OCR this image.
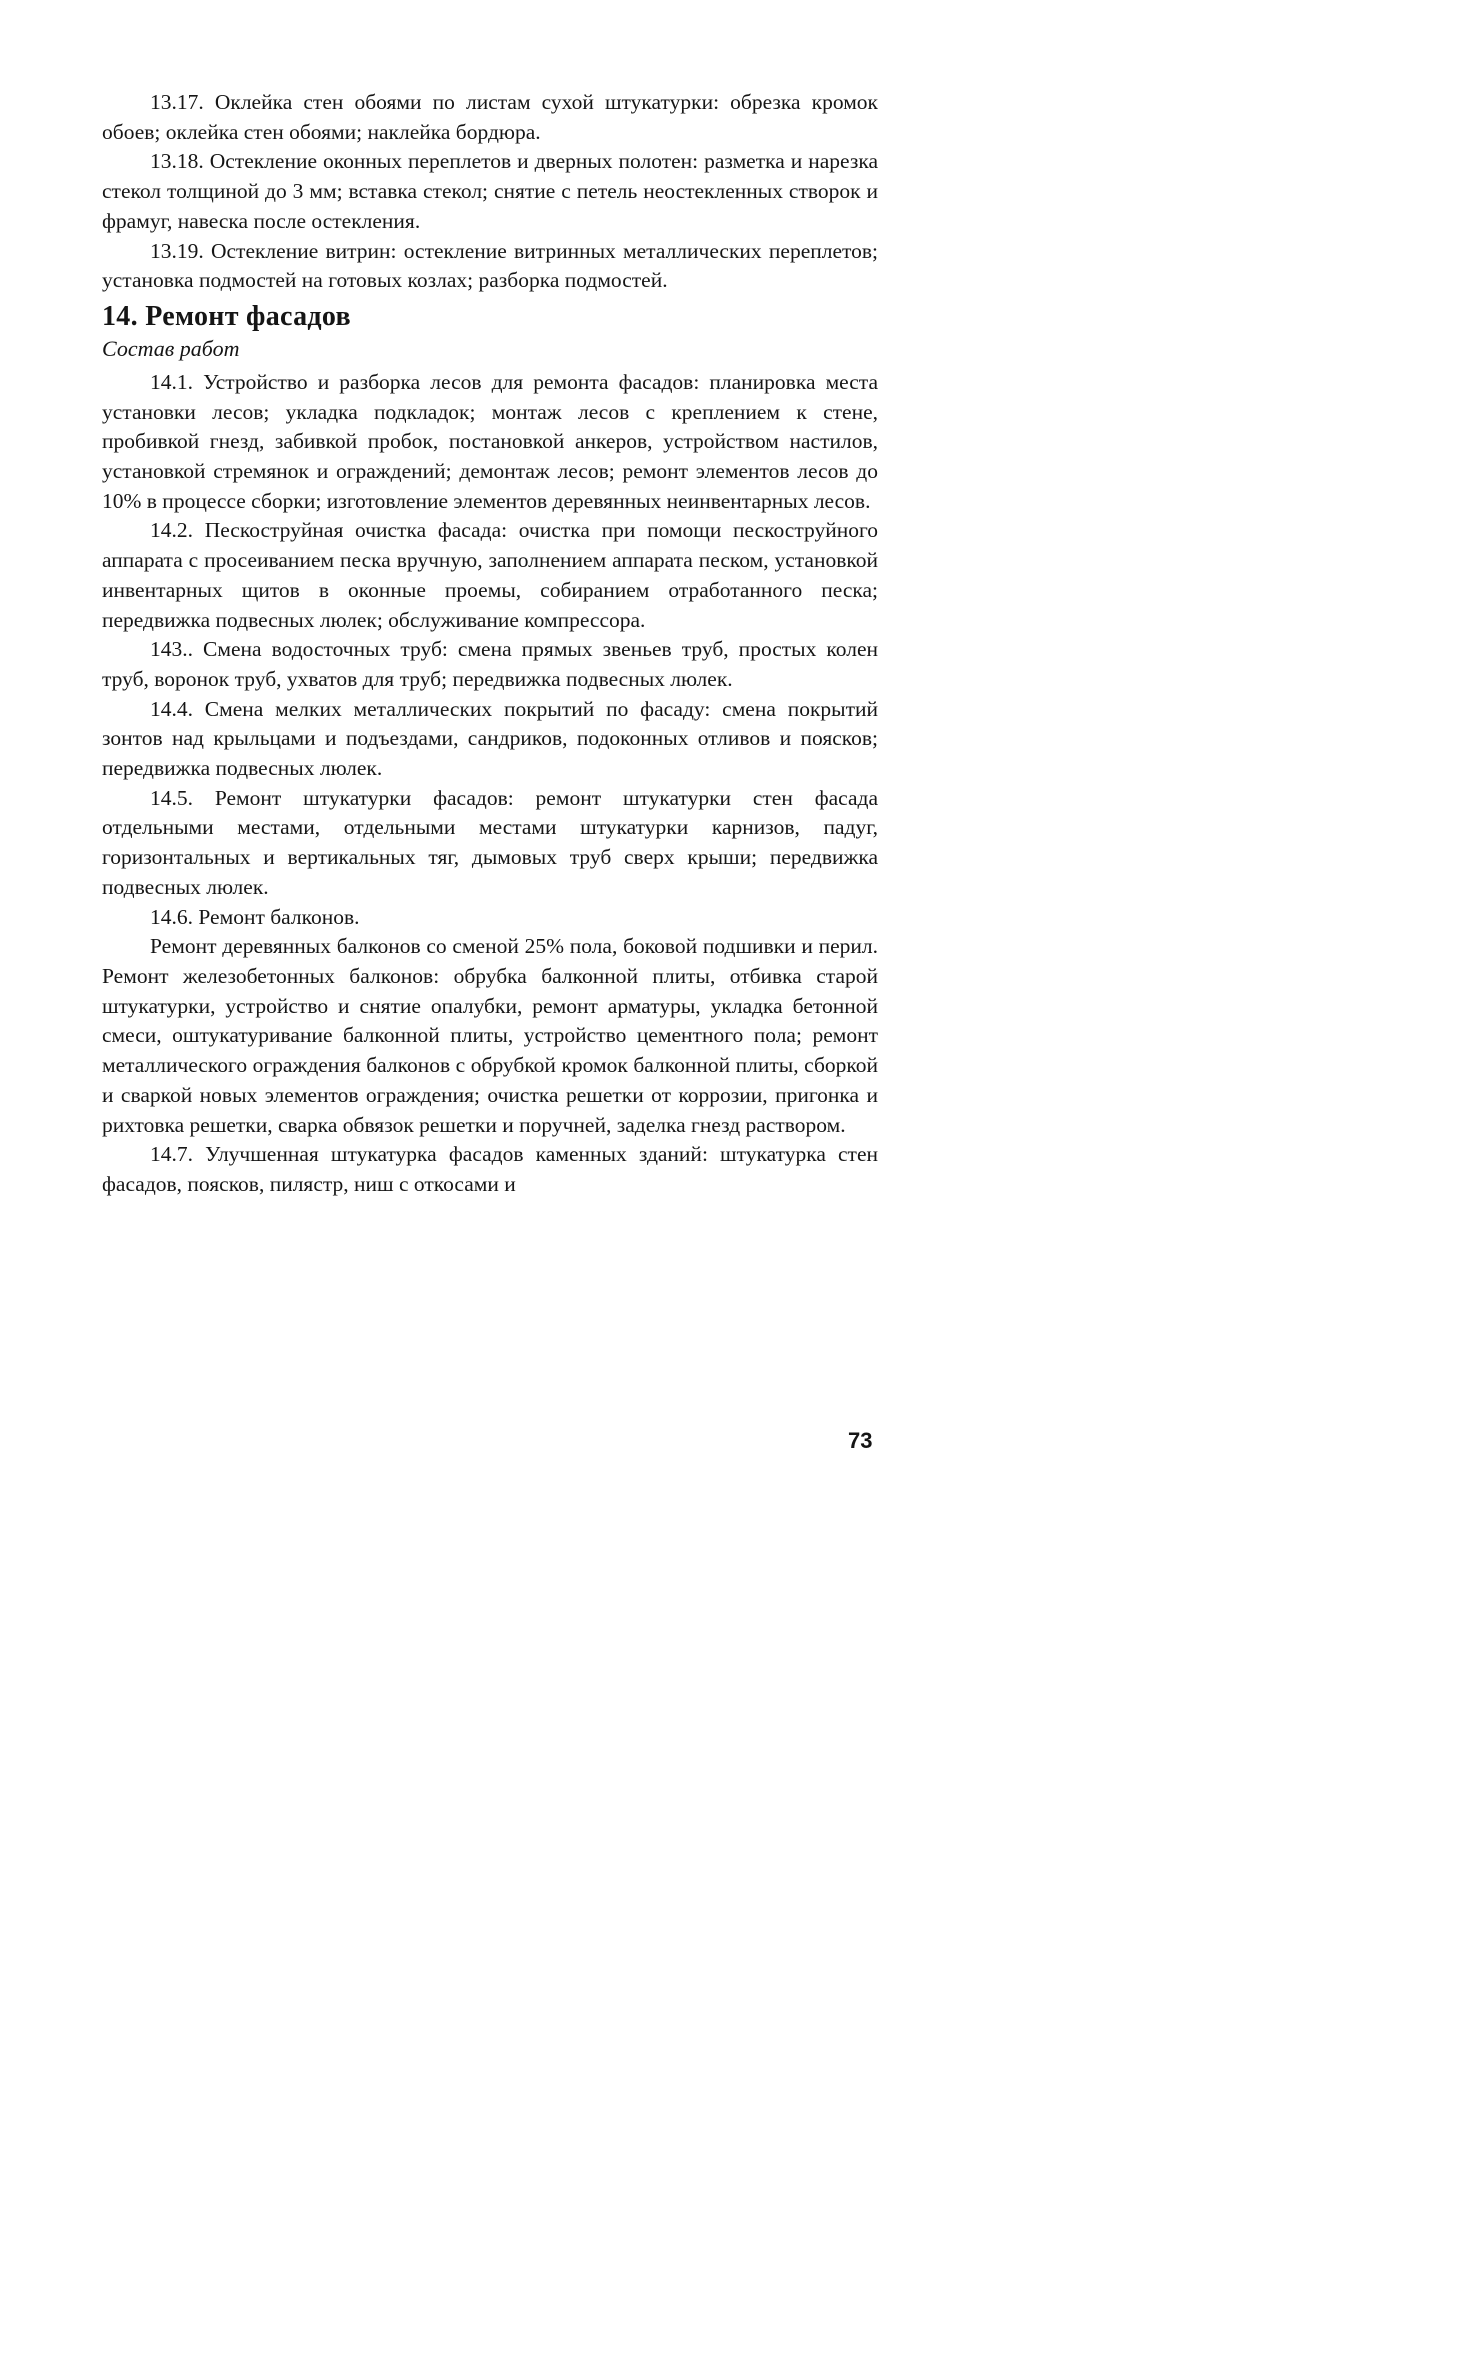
13.17. Оклейка стен обоями по листам сухой штукатурки: обрезка кромок обоев; оклейка стен обоями; наклейка бордюра.

13.18. Остекление оконных переплетов и дверных полотен: разметка и нарезка стекол толщиной до 3 мм; вставка стекол; снятие с петель неостекленных створок и фрамуг, навеска после остекления.

13.19. Остекление витрин: остекление витринных металлических переплетов; установка подмостей на готовых козлах; разборка подмостей.

14. Ремонт фасадов
Состав работ

14.1. Устройство и разборка лесов для ремонта фасадов: планировка места установки лесов; укладка подкладок; монтаж лесов с креплением к стене, пробивкой гнезд, забивкой пробок, постановкой анкеров, устройством настилов, установкой стремянок и ограждений; демонтаж лесов; ремонт элементов лесов до 10% в процессе сборки; изготовление элементов деревянных неинвентарных лесов.

14.2. Пескоструйная очистка фасада: очистка при помощи пескоструйного аппарата с просеиванием песка вручную, заполнением аппарата песком, установкой инвентарных щитов в оконные проемы, собиранием отработанного песка; передвижка подвесных люлек; обслуживание компрессора.

143.. Смена водосточных труб: смена прямых звеньев труб, простых колен труб, воронок труб, ухватов для труб; передвижка подвесных люлек.

14.4. Смена мелких металлических покрытий по фасаду: смена покрытий зонтов над крыльцами и подъездами, сандриков, подоконных отливов и поясков; передвижка подвесных люлек.

14.5. Ремонт штукатурки фасадов: ремонт штукатурки стен фасада отдельными местами, отдельными местами штукатурки карнизов, падуг, горизонтальных и вертикальных тяг, дымовых труб сверх крыши; передвижка подвесных люлек.

14.6. Ремонт балконов.

Ремонт деревянных балконов со сменой 25% пола, боковой подшивки и перил. Ремонт железобетонных балконов: обрубка балконной плиты, отбивка старой штукатурки, устройство и снятие опалубки, ремонт арматуры, укладка бетонной смеси, оштукатуривание балконной плиты, устройство цементного пола; ремонт металлического ограждения балконов с обрубкой кромок балконной плиты, сборкой и сваркой новых элементов ограждения; очистка решетки от коррозии, пригонка и рихтовка решетки, сварка обвязок решетки и поручней, заделка гнезд раствором.

14.7. Улучшенная штукатурка фасадов каменных зданий: штукатурка стен фасадов, поясков, пилястр, ниш с откосами и

73
